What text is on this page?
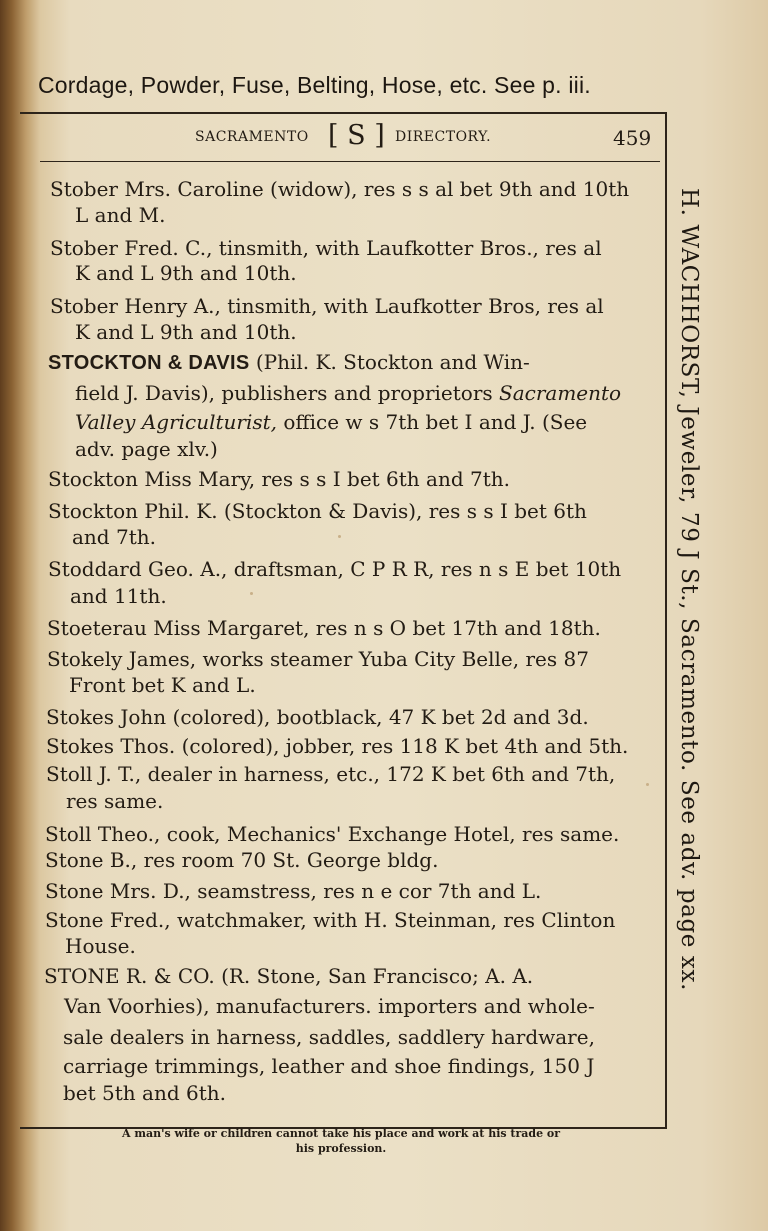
Cordage, Powder, Fuse, Belting, Hose, etc. See p. iii.
SACRAMENTO [ S ] DIRECTORY.	459
Stober Mrs. Caroline (widow), res s s al bet 9th and 10th
L and M.
Stober Fred. C., tinsmith, with Laufkotter Bros., res al
K and L 9th and 10th.
Stober Henry A., tinsmith, with Laufkotter Bros, res al
K and L 9th and 10th.
STOCKTON & DAVIS (Phil. K. Stockton and Win-
field J. Davis), publishers and proprietors Sacramento
Valley Agriculturist, office w s 7th bet I and J. (See
adv. page xlv.)
Stockton Miss Mary, res s s I bet 6th and 7th.
Stockton Phil. K. (Stockton & Davis), res s s I bet 6th
and 7th.
Stoddard Geo. A., draftsman, C P R R, res n s E bet 10th
and 11th.
Stoeterau Miss Margaret, res n s O bet 17th and 18th.
Stokely James, works steamer Yuba City Belle, res 87
Front bet K and L.
Stokes John (colored), bootblack, 47 K bet 2d and 3d.
Stokes Thos. (colored), jobber, res 118 K bet 4th and 5th.
Stoll J. T., dealer in harness, etc., 172 K bet 6th and 7th,
res same.
Stoll Theo., cook, Mechanics' Exchange Hotel, res same.
Stone B., res room 70 St. George bldg.
Stone Mrs. D., seamstress, res n e cor 7th and L.
Stone Fred., watchmaker, with H. Steinman, res Clinton
House.
STONE R. & CO. (R. Stone, San Francisco; A. A.
Van Voorhies), manufacturers. importers and whole-
sale dealers in harness, saddles, saddlery hardware,
carriage trimmings, leather and shoe findings, 150 J
bet 5th and 6th.
H. WACHHORST, Jeweler, 79 J St., Sacramento. See adv. page xx.
A man's wife or children cannot take his place and work at his trade or
his profession.
